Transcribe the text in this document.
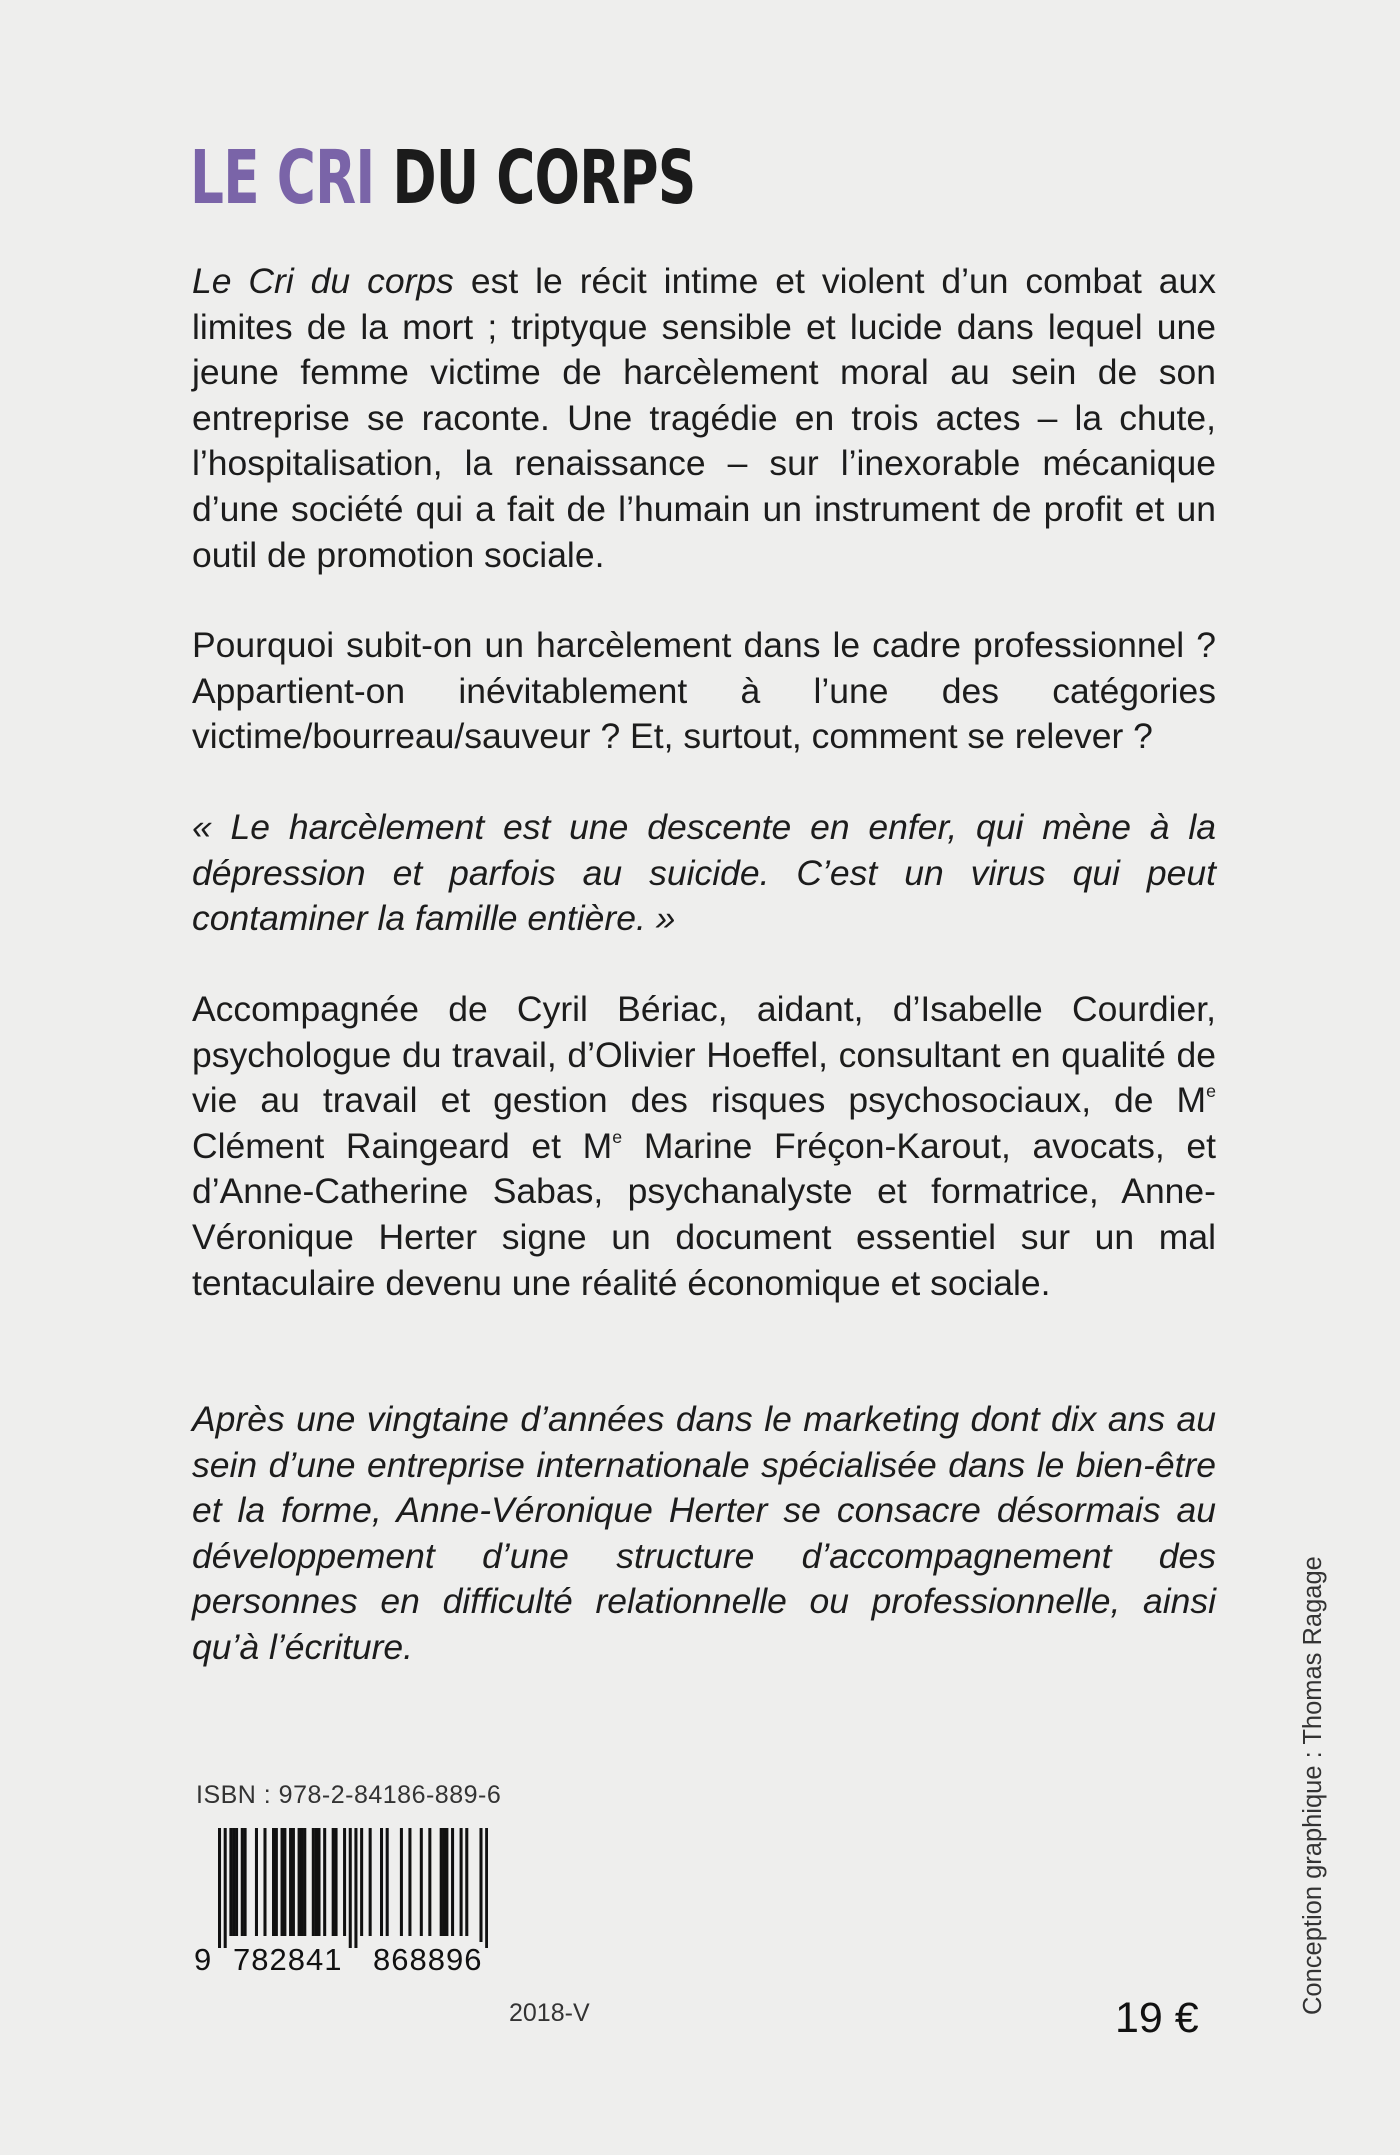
LE CRI DU CORPS

Le Cri du corps est le récit intime et violent d’un combat aux limites de la mort ; triptyque sensible et lucide dans lequel une jeune femme victime de harcèlement moral au sein de son entreprise se raconte. Une tragédie en trois actes – la chute, l’hospitalisation, la renaissance – sur l’inexorable mécanique d’une société qui a fait de l’humain un instrument de profit et un outil de promotion sociale.

Pourquoi subit-on un harcèlement dans le cadre professionnel ? Appartient-on inévitablement à l’une des catégories victime/bourreau/sauveur ? Et, surtout, comment se relever ?

« Le harcèlement est une descente en enfer, qui mène à la dépression et parfois au suicide. C’est un virus qui peut contaminer la famille entière. »

Accompagnée de Cyril Bériac, aidant, d’Isabelle Courdier, psychologue du travail, d’Olivier Hoeffel, consultant en qualité de vie au travail et gestion des risques psychosociaux, de Me Clément Raingeard et Me Marine Fréçon-Karout, avocats, et d’Anne-Catherine Sabas, psychanalyste et formatrice, Anne-Véronique Herter signe un document essentiel sur un mal tentaculaire devenu une réalité économique et sociale.

Après une vingtaine d’années dans le marketing dont dix ans au sein d’une entreprise internationale spécialisée dans le bien-être et la forme, Anne-Véronique Herter se consacre désormais au développement d’une structure d’accompagnement des personnes en difficulté relationnelle ou professionnelle, ainsi qu’à l’écriture.

ISBN : 978-2-84186-889-6
9 782841 868896
2018-V	19 €
Conception graphique : Thomas Ragage
